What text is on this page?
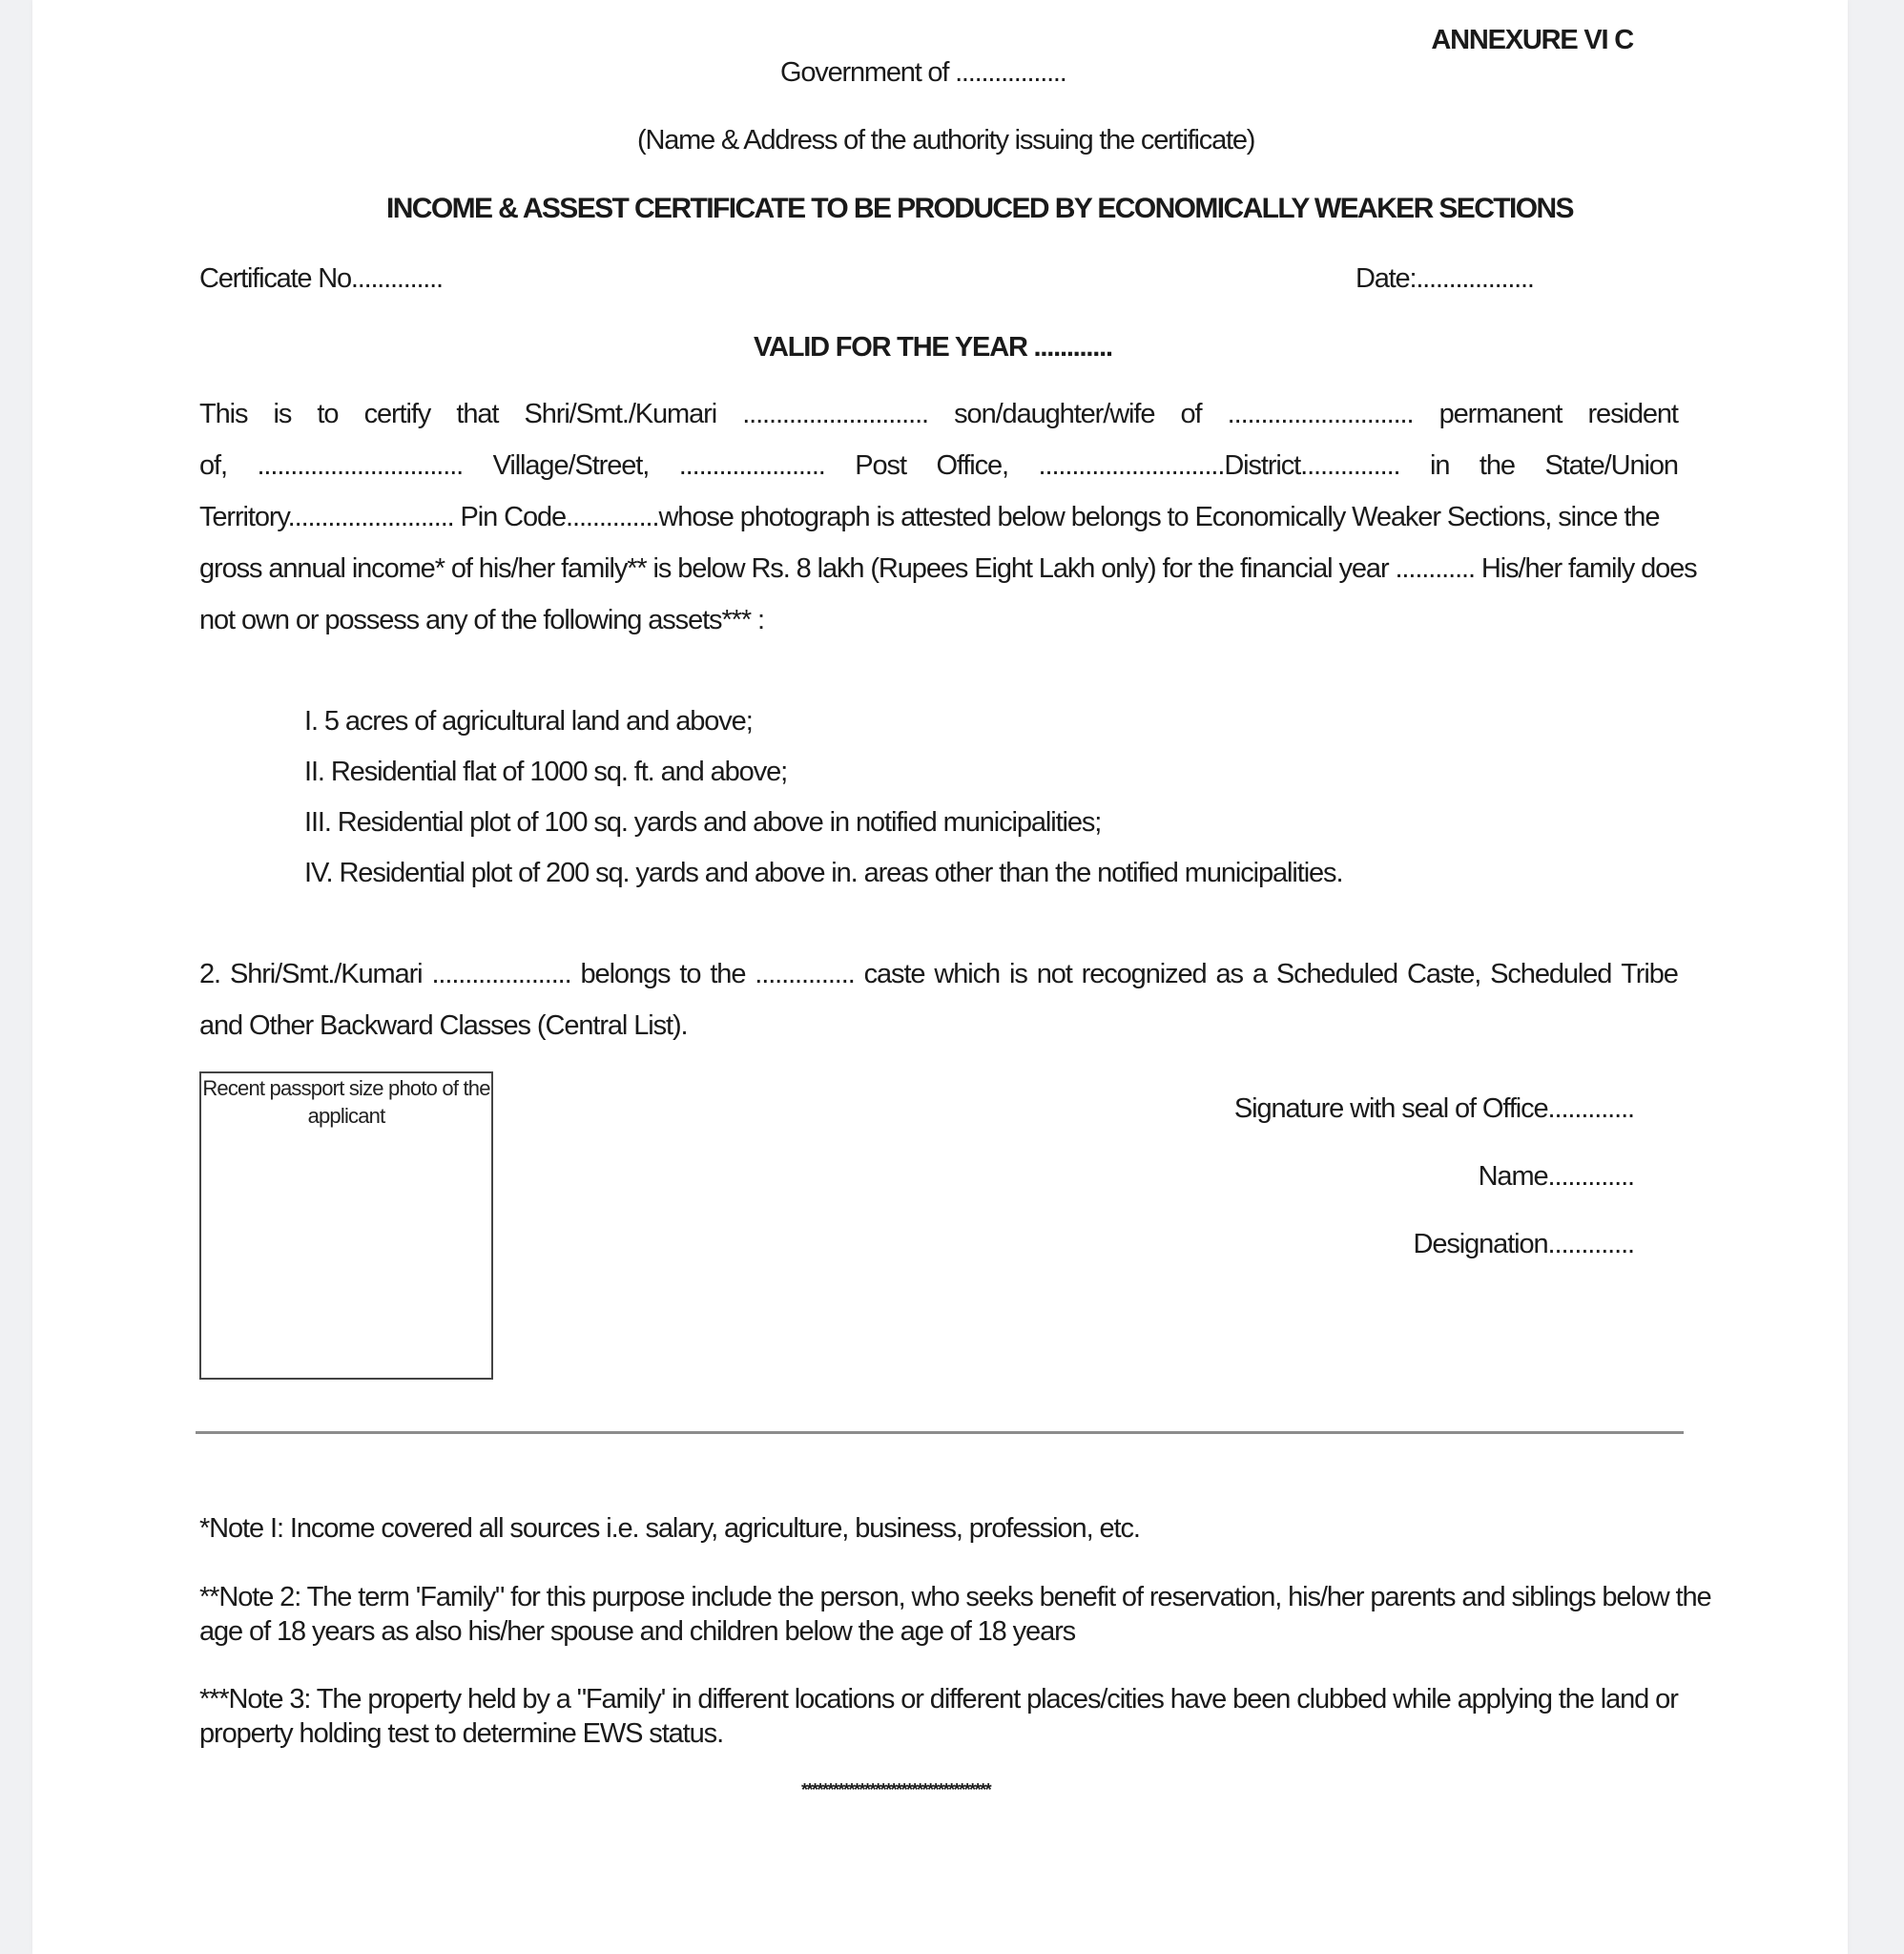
ANNEXURE VI C
Government of .................
(Name & Address of the authority issuing the certificate)
INCOME & ASSEST CERTIFICATE TO BE PRODUCED BY ECONOMICALLY WEAKER SECTIONS
Certificate No..............	Date:..................
VALID FOR THE YEAR ............
This is to certify that Shri/Smt./Kumari ............................ son/daughter/wife of ............................ permanent resident
of, ............................... Village/Street, ...................... Post Office, ............................District............... in the State/Union
Territory......................... Pin Code..............whose photograph is attested below belongs to Economically Weaker Sections, since the
gross annual income* of his/her family** is below Rs. 8 lakh (Rupees Eight Lakh only) for the financial year ............ His/her family does
not own or possess any of the following assets*** :
I. 5 acres of agricultural land and above;
II. Residential flat of 1000 sq. ft. and above;
III. Residential plot of 100 sq. yards and above in notified municipalities;
IV. Residential plot of 200 sq. yards and above in. areas other than the notified municipalities.
2. Shri/Smt./Kumari ..................... belongs to the ............... caste which is not recognized as a Scheduled Caste, Scheduled Tribe
and Other Backward Classes (Central List).
Recent passport size photo of the applicant	Signature with seal of Office.............
Name.............
Designation.............
*Note I: Income covered all sources i.e. salary, agriculture, business, profession, etc.
**Note 2: The term 'Family" for this purpose include the person, who seeks benefit of reservation, his/her parents and siblings below the
age of 18 years as also his/her spouse and children below the age of 18 years
***Note 3: The property held by a "Family' in different locations or different places/cities have been clubbed while applying the land or
property holding test to determine EWS status.
************************************
